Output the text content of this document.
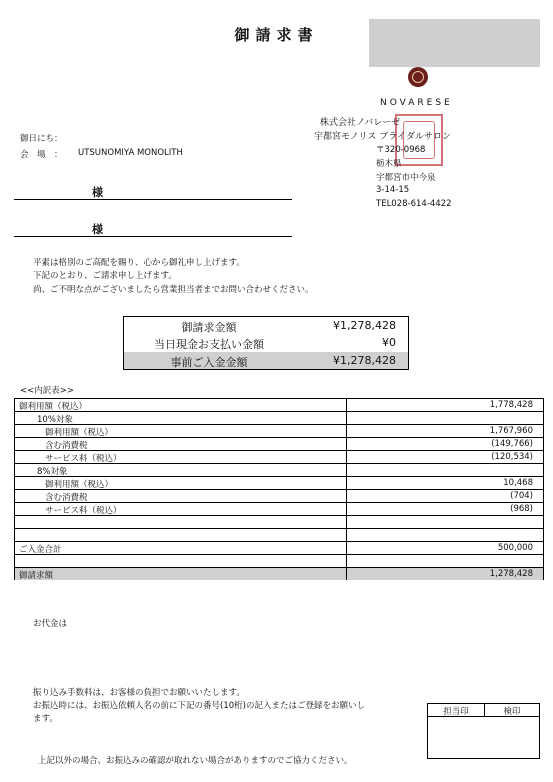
御請求書
NOVARESE
株式会社ノバレーゼ
宇都宮モノリス ブライダルサロン
〒320-0968
栃木県
宇都宮市中今泉
3-14-15
TEL028-614-4422
御日にち：
会　場　： UTSUNOMIYA MONOLITH
様
様
平素は格別のご高配を賜り、心から御礼申し上げます。
下記のとおり、ご請求申し上げます。
尚、ご不明な点がございましたら営業担当者までお問い合わせください。
御請求金額	¥1,278,428
当日現金お支払い金額	¥0
事前ご入金金額	¥1,278,428
<<内訳表>>
御利用額（税込）	1,778,428
10%対象
御利用額（税込）	1,767,960
含む消費税	(149,766)
サービス料（税込）	(120,534)
8%対象
御利用額（税込）	10,468
含む消費税	(704)
サービス料（税込）	(968)
ご入金合計	500,000
御請求額	1,278,428
お代金は
振り込み手数料は、お客様の負担でお願いいたします。
お振込時には、お振込依頼人名の前に下記の番号(10桁)の記入またはご登録をお願いし
ます。
上記以外の場合、お振込みの確認が取れない場合がありますのでご協力ください。
担当印	検印
